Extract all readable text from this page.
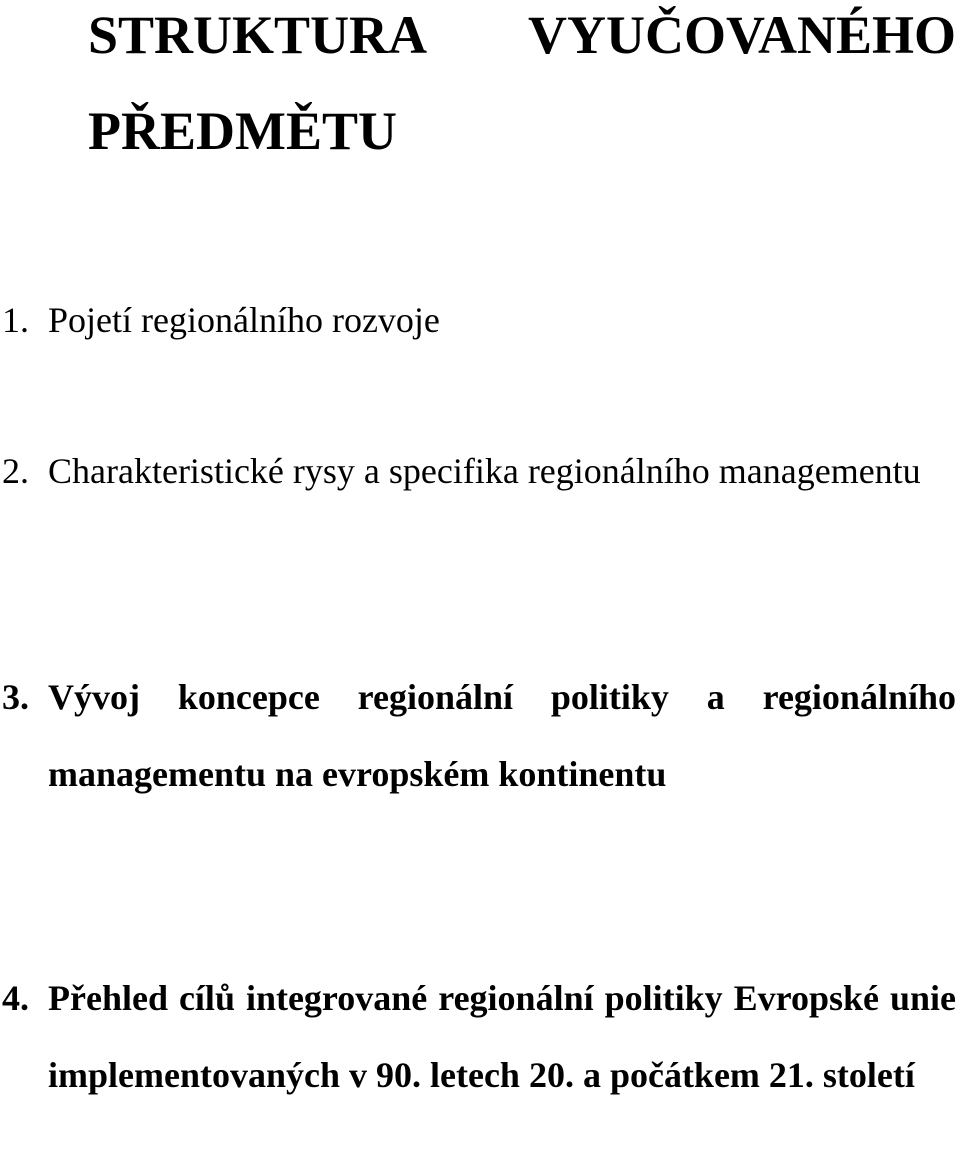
STRUKTURA VYUČOVANÉHO
PŘEDMĚTU
1. Pojetí regionálního rozvoje
2. Charakteristické rysy a specifika regionálního managementu
3. Vývoj koncepce regionální politiky a regionálního managementu na evropském kontinentu
4. Přehled cílů integrované regionální politiky Evropské unie implementovaných v 90. letech 20. a počátkem 21. století
